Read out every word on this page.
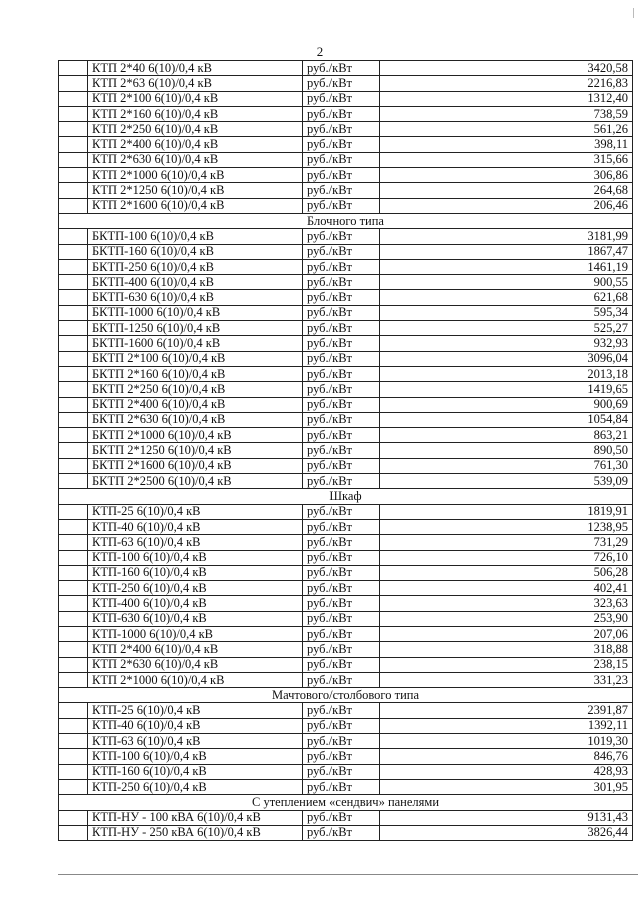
2
	КТП 2*40 6(10)/0,4 кВ	руб./кВт	3420,58
	КТП 2*63 6(10)/0,4 кВ	руб./кВт	2216,83
	КТП 2*100 6(10)/0,4 кВ	руб./кВт	1312,40
	КТП 2*160 6(10)/0,4 кВ	руб./кВт	738,59
	КТП 2*250 6(10)/0,4 кВ	руб./кВт	561,26
	КТП 2*400 6(10)/0,4 кВ	руб./кВт	398,11
	КТП 2*630 6(10)/0,4 кВ	руб./кВт	315,66
	КТП 2*1000 6(10)/0,4 кВ	руб./кВт	306,86
	КТП 2*1250 6(10)/0,4 кВ	руб./кВт	264,68
	КТП 2*1600 6(10)/0,4 кВ	руб./кВт	206,46
Блочного типа			
	БКТП-100 6(10)/0,4 кВ	руб./кВт	3181,99
	БКТП-160 6(10)/0,4 кВ	руб./кВт	1867,47
	БКТП-250 6(10)/0,4 кВ	руб./кВт	1461,19
	БКТП-400 6(10)/0,4 кВ	руб./кВт	900,55
	БКТП-630 6(10)/0,4 кВ	руб./кВт	621,68
	БКТП-1000 6(10)/0,4 кВ	руб./кВт	595,34
	БКТП-1250 6(10)/0,4 кВ	руб./кВт	525,27
	БКТП-1600 6(10)/0,4 кВ	руб./кВт	932,93
	БКТП 2*100 6(10)/0,4 кВ	руб./кВт	3096,04
	БКТП 2*160 6(10)/0,4 кВ	руб./кВт	2013,18
	БКТП 2*250 6(10)/0,4 кВ	руб./кВт	1419,65
	БКТП 2*400 6(10)/0,4 кВ	руб./кВт	900,69
	БКТП 2*630 6(10)/0,4 кВ	руб./кВт	1054,84
	БКТП 2*1000 6(10)/0,4 кВ	руб./кВт	863,21
	БКТП 2*1250 6(10)/0,4 кВ	руб./кВт	890,50
	БКТП 2*1600 6(10)/0,4 кВ	руб./кВт	761,30
	БКТП 2*2500 6(10)/0,4 кВ	руб./кВт	539,09
Шкаф			
	КТП-25 6(10)/0,4 кВ	руб./кВт	1819,91
	КТП-40 6(10)/0,4 кВ	руб./кВт	1238,95
	КТП-63 6(10)/0,4 кВ	руб./кВт	731,29
	КТП-100 6(10)/0,4 кВ	руб./кВт	726,10
	КТП-160 6(10)/0,4 кВ	руб./кВт	506,28
	КТП-250 6(10)/0,4 кВ	руб./кВт	402,41
	КТП-400 6(10)/0,4 кВ	руб./кВт	323,63
	КТП-630 6(10)/0,4 кВ	руб./кВт	253,90
	КТП-1000 6(10)/0,4 кВ	руб./кВт	207,06
	КТП 2*400 6(10)/0,4 кВ	руб./кВт	318,88
	КТП 2*630 6(10)/0,4 кВ	руб./кВт	238,15
	КТП 2*1000 6(10)/0,4 кВ	руб./кВт	331,23
Мачтового/столбового типа			
	КТП-25 6(10)/0,4 кВ	руб./кВт	2391,87
	КТП-40 6(10)/0,4 кВ	руб./кВт	1392,11
	КТП-63 6(10)/0,4 кВ	руб./кВт	1019,30
	КТП-100 6(10)/0,4 кВ	руб./кВт	846,76
	КТП-160 6(10)/0,4 кВ	руб./кВт	428,93
	КТП-250 6(10)/0,4 кВ	руб./кВт	301,95
С утеплением «сендвич» панелями			
	КТП-НУ - 100 кВА 6(10)/0,4 кВ	руб./кВт	9131,43
	КТП-НУ - 250 кВА 6(10)/0,4 кВ	руб./кВт	3826,44
